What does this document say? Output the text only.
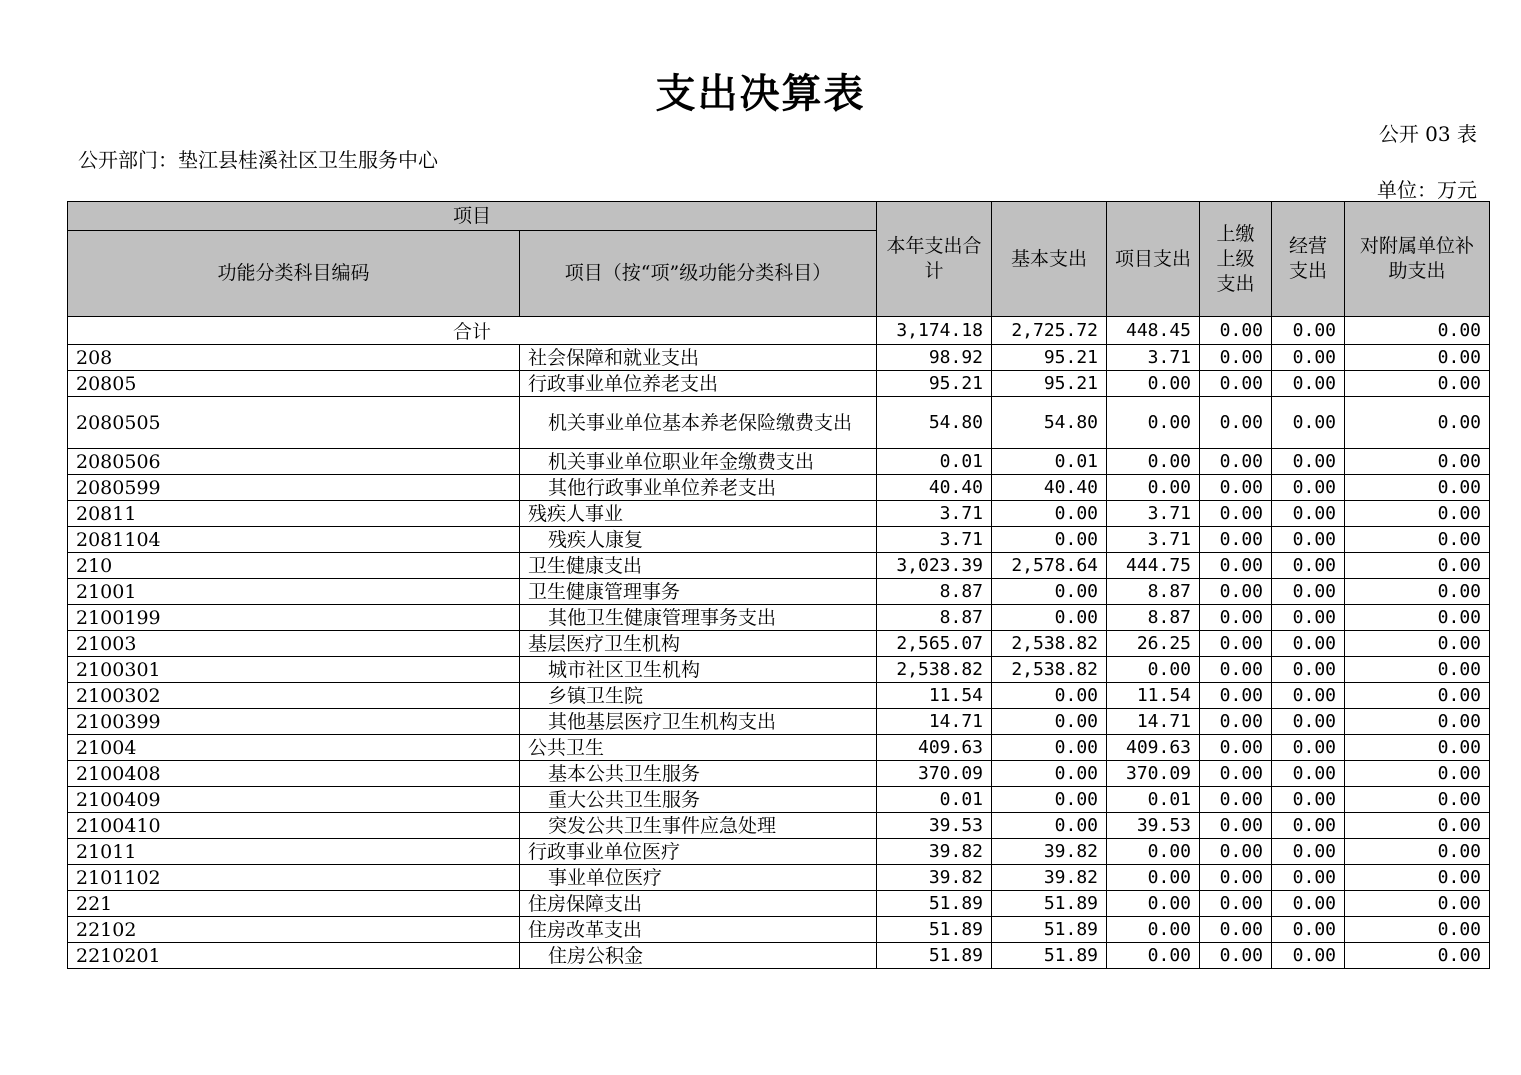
支出决算表
公开 03 表
公开部门：垫江县桂溪社区卫生服务中心
单位：万元
项目		本年支出合计	基本支出	项目支出	上缴上级支出	经营支出	对附属单位补助支出
功能分类科目编码	项目（按“项”级功能分类科目）						
合计		3,174.18	2,725.72	448.45	0.00	0.00	0.00
208	社会保障和就业支出	98.92	95.21	3.71	0.00	0.00	0.00
20805	行政事业单位养老支出	95.21	95.21	0.00	0.00	0.00	0.00
2080505	机关事业单位基本养老保险缴费支出	54.80	54.80	0.00	0.00	0.00	0.00
2080506	机关事业单位职业年金缴费支出	0.01	0.01	0.00	0.00	0.00	0.00
2080599	其他行政事业单位养老支出	40.40	40.40	0.00	0.00	0.00	0.00
20811	残疾人事业	3.71	0.00	3.71	0.00	0.00	0.00
2081104	残疾人康复	3.71	0.00	3.71	0.00	0.00	0.00
210	卫生健康支出	3,023.39	2,578.64	444.75	0.00	0.00	0.00
21001	卫生健康管理事务	8.87	0.00	8.87	0.00	0.00	0.00
2100199	其他卫生健康管理事务支出	8.87	0.00	8.87	0.00	0.00	0.00
21003	基层医疗卫生机构	2,565.07	2,538.82	26.25	0.00	0.00	0.00
2100301	城市社区卫生机构	2,538.82	2,538.82	0.00	0.00	0.00	0.00
2100302	乡镇卫生院	11.54	0.00	11.54	0.00	0.00	0.00
2100399	其他基层医疗卫生机构支出	14.71	0.00	14.71	0.00	0.00	0.00
21004	公共卫生	409.63	0.00	409.63	0.00	0.00	0.00
2100408	基本公共卫生服务	370.09	0.00	370.09	0.00	0.00	0.00
2100409	重大公共卫生服务	0.01	0.00	0.01	0.00	0.00	0.00
2100410	突发公共卫生事件应急处理	39.53	0.00	39.53	0.00	0.00	0.00
21011	行政事业单位医疗	39.82	39.82	0.00	0.00	0.00	0.00
2101102	事业单位医疗	39.82	39.82	0.00	0.00	0.00	0.00
221	住房保障支出	51.89	51.89	0.00	0.00	0.00	0.00
22102	住房改革支出	51.89	51.89	0.00	0.00	0.00	0.00
2210201	住房公积金	51.89	51.89	0.00	0.00	0.00	0.00
